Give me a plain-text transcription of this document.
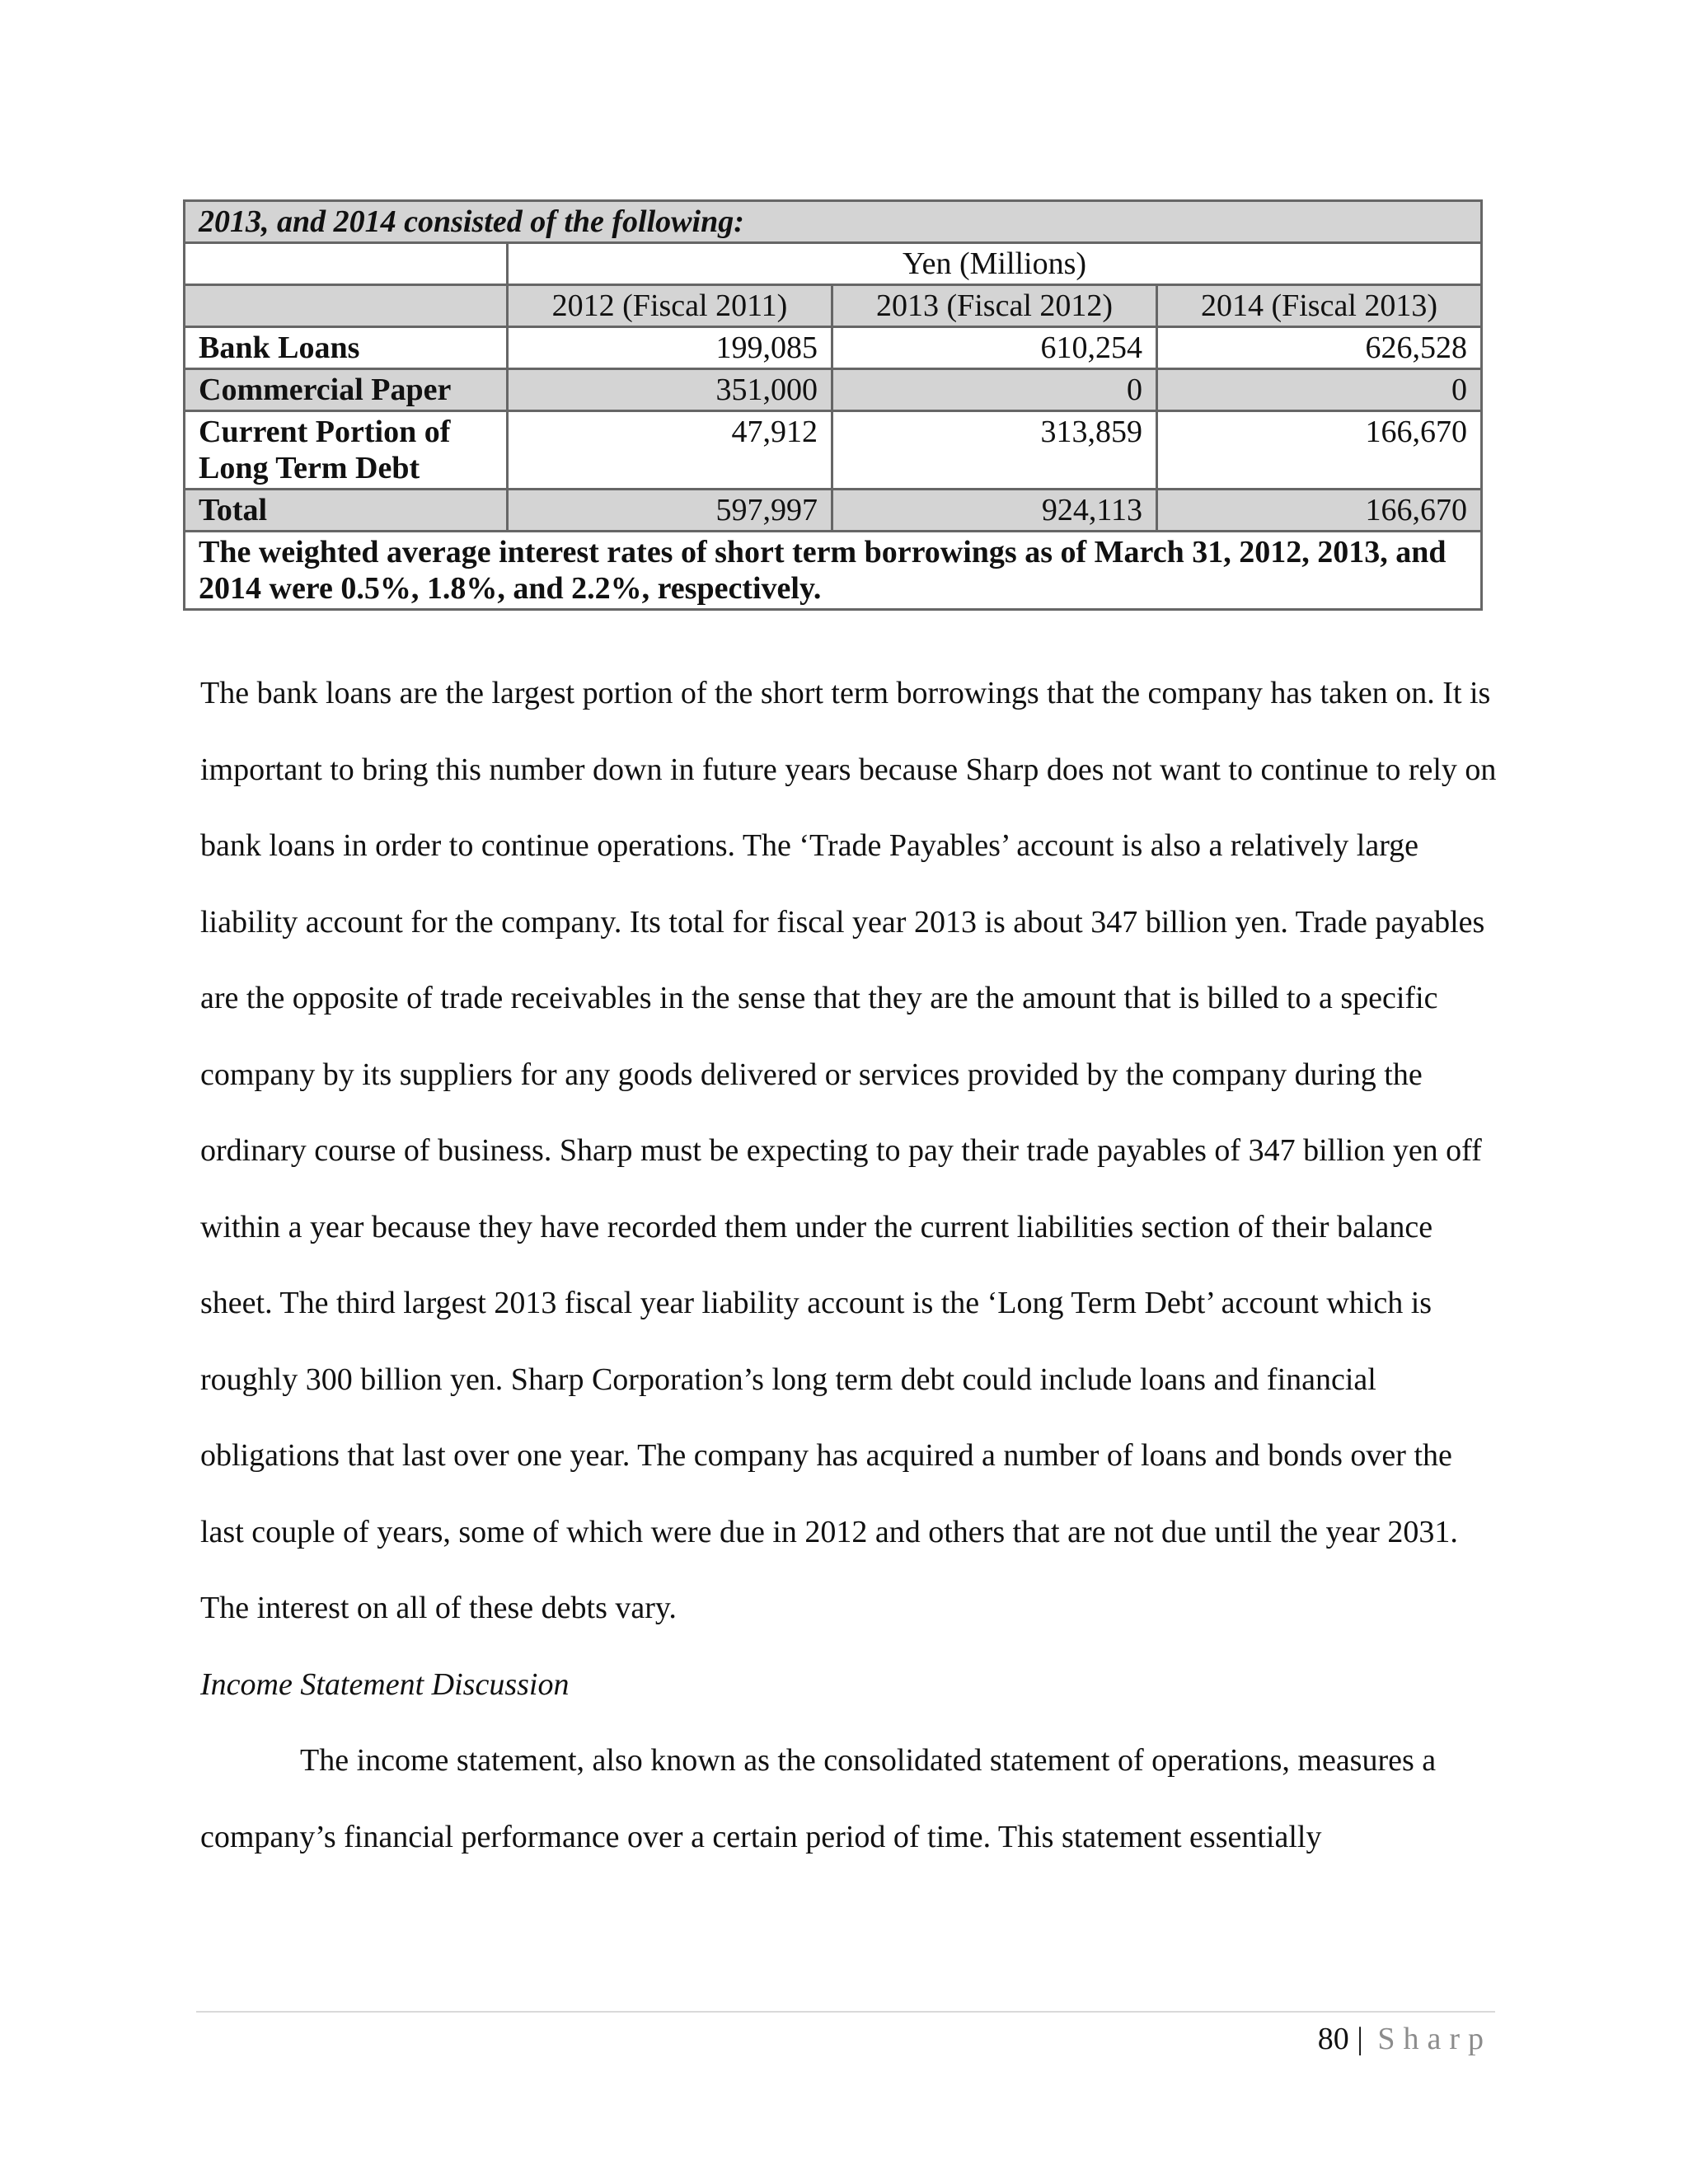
2013, and 2014 consisted of the following:			
	Yen (Millions)		
	2012 (Fiscal 2011)	2013 (Fiscal 2012)	2014 (Fiscal 2013)
Bank Loans	199,085	610,254	626,528
Commercial Paper	351,000	0	0
Current Portion of Long Term Debt	47,912	313,859	166,670
Total	597,997	924,113	166,670
The weighted average interest rates of short term borrowings as of March 31, 2012, 2013, and 2014 were 0.5%, 1.8%, and 2.2%, respectively.			

The bank loans are the largest portion of the short term borrowings that the company has taken on. It is important to bring this number down in future years because Sharp does not want to continue to rely on bank loans in order to continue operations. The ‘Trade Payables’ account is also a relatively large liability account for the company. Its total for fiscal year 2013 is about 347 billion yen. Trade payables are the opposite of trade receivables in the sense that they are the amount that is billed to a specific company by its suppliers for any goods delivered or services provided by the company during the ordinary course of business. Sharp must be expecting to pay their trade payables of 347 billion yen off within a year because they have recorded them under the current liabilities section of their balance sheet. The third largest 2013 fiscal year liability account is the ‘Long Term Debt’ account which is roughly 300 billion yen. Sharp Corporation’s long term debt could include loans and financial obligations that last over one year. The company has acquired a number of loans and bonds over the last couple of years, some of which were due in 2012 and others that are not due until the year 2031. The interest on all of these debts vary.

Income Statement Discussion

The income statement, also known as the consolidated statement of operations, measures a company’s financial performance over a certain period of time. This statement essentially

80 | Sharp
